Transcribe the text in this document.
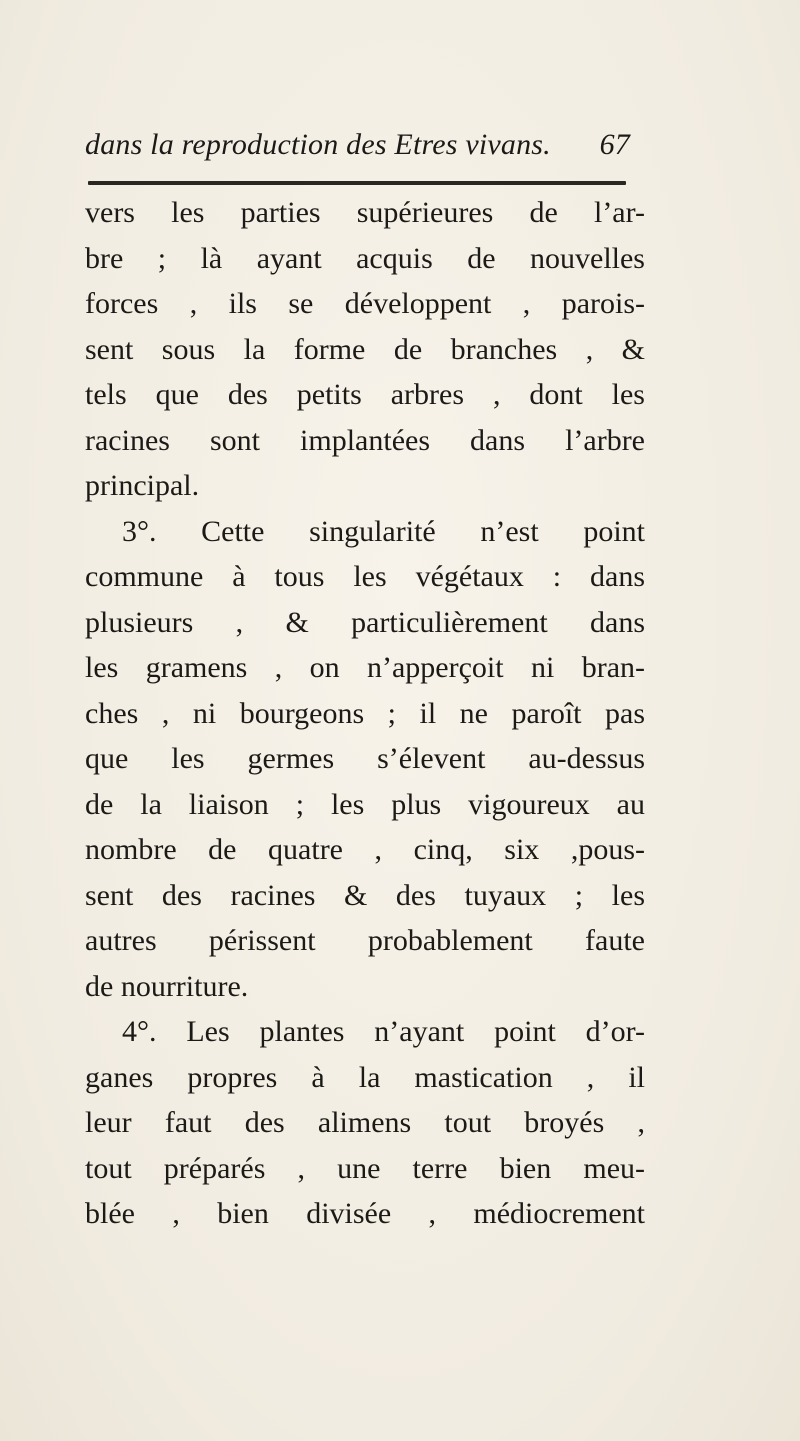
dans la reproduction des Etres vivans. 67
vers les parties supérieures de l’ar-
bre ; là ayant acquis de nouvelles
forces , ils se développent , parois-
sent sous la forme de branches , &
tels que des petits arbres , dont les
racines sont implantées dans l’arbre
principal.
3°. Cette singularité n’est point
commune à tous les végétaux : dans
plusieurs , & particulièrement dans
les gramens , on n’apperçoit ni bran-
ches , ni bourgeons ; il ne paroît pas
que les germes s’élevent au-dessus
de la liaison ; les plus vigoureux au
nombre de quatre , cinq, six ,pous-
sent des racines & des tuyaux ; les
autres périssent probablement faute
de nourriture.
4°. Les plantes n’ayant point d’or-
ganes propres à la mastication , il
leur faut des alimens tout broyés ,
tout préparés , une terre bien meu-
blée , bien divisée , médiocrement
